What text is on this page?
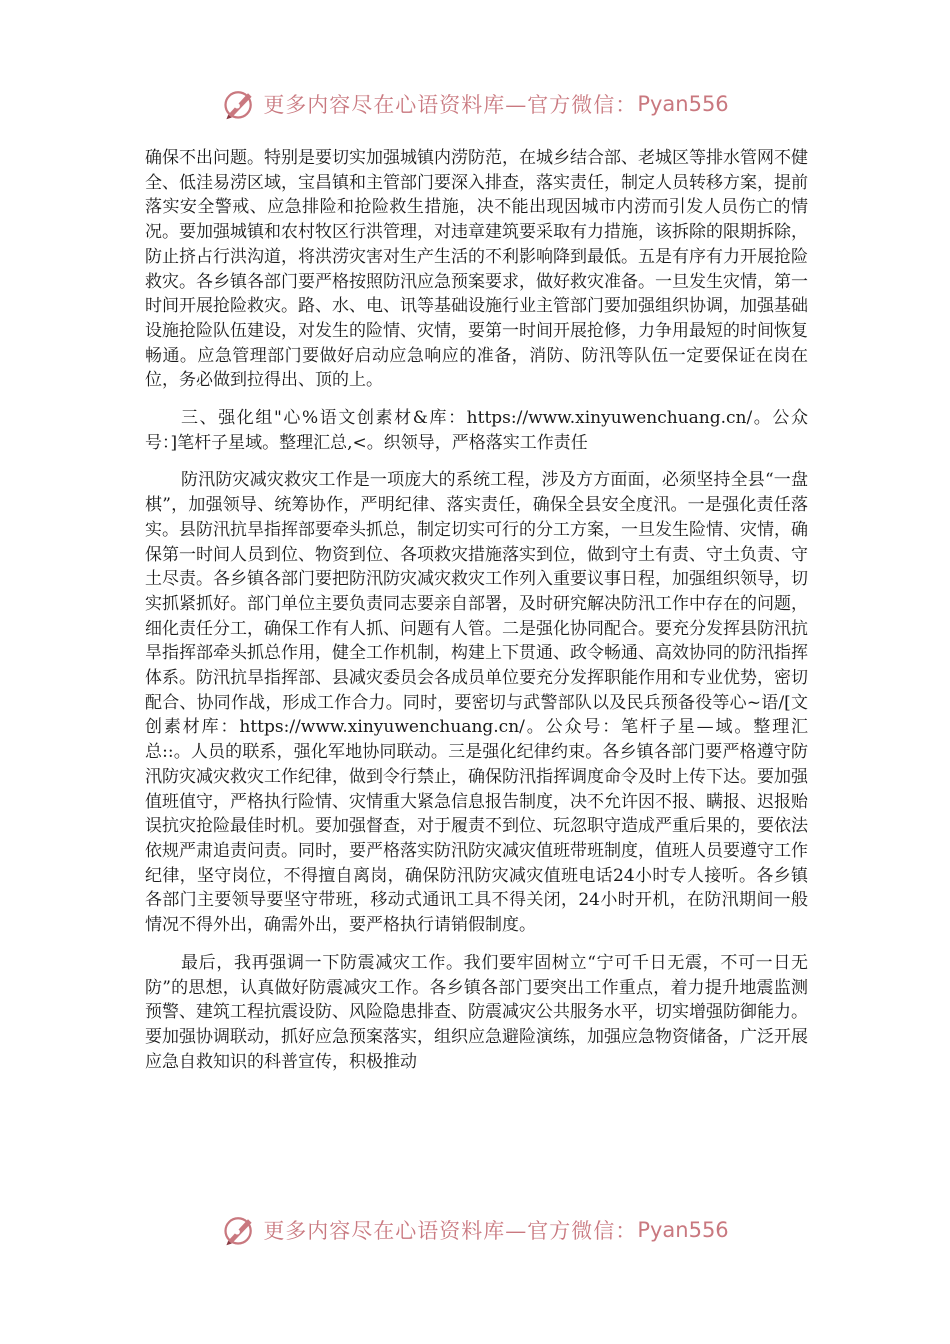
更多内容尽在心语资料库—官方微信： Pyan556

确保不出问题。特别是要切实加强城镇内涝防范，在城乡结合部、老城区等排水管网不健全、低洼易涝区域，宝昌镇和主管部门要深入排查，落实责任，制定人员转移方案，提前落实安全警戒、应急排险和抢险救生措施，决不能出现因城市内涝而引发人员伤亡的情况。要加强城镇和农村牧区行洪管理，对违章建筑要采取有力措施，该拆除的限期拆除，防止挤占行洪沟道，将洪涝灾害对生产生活的不利影响降到最低。五是有序有力开展抢险救灾。各乡镇各部门要严格按照防汛应急预案要求，做好救灾准备。一旦发生灾情，第一时间开展抢险救灾。路、水、电、讯等基础设施行业主管部门要加强组织协调，加强基础设施抢险队伍建设，对发生的险情、灾情，要第一时间开展抢修，力争用最短的时间恢复畅通。应急管理部门要做好启动应急响应的准备，消防、防汛等队伍一定要保证在岗在位，务必做到拉得出、顶的上。

三、强化组"心%语文创素材&库：https://www.xinyuwenchuang.cn/。公众号：]笔杆子星域。整理汇总,<。织领导，严格落实工作责任

防汛防灾减灾救灾工作是一项庞大的系统工程，涉及方方面面，必须坚持全县“一盘棋”，加强领导、统筹协作，严明纪律、落实责任，确保全县安全度汛。一是强化责任落实。县防汛抗旱指挥部要牵头抓总，制定切实可行的分工方案，一旦发生险情、灾情，确保第一时间人员到位、物资到位、各项救灾措施落实到位，做到守土有责、守土负责、守土尽责。各乡镇各部门要把防汛防灾减灾救灾工作列入重要议事日程，加强组织领导，切实抓紧抓好。部门单位主要负责同志要亲自部署，及时研究解决防汛工作中存在的问题，细化责任分工，确保工作有人抓、问题有人管。二是强化协同配合。要充分发挥县防汛抗旱指挥部牵头抓总作用，健全工作机制，构建上下贯通、政令畅通、高效协同的防汛指挥体系。防汛抗旱指挥部、县减灾委员会各成员单位要充分发挥职能作用和专业优势，密切配合、协同作战，形成工作合力。同时，要密切与武警部队以及民兵预备役等心~语/[文创素材库：https://www.xinyuwenchuang.cn/。公众号：笔杆子星—域。整理汇总::。人员的联系，强化军地协同联动。三是强化纪律约束。各乡镇各部门要严格遵守防汛防灾减灾救灾工作纪律，做到令行禁止，确保防汛指挥调度命令及时上传下达。要加强值班值守，严格执行险情、灾情重大紧急信息报告制度，决不允许因不报、瞒报、迟报贻误抗灾抢险最佳时机。要加强督查，对于履责不到位、玩忽职守造成严重后果的，要依法依规严肃追责问责。同时，要严格落实防汛防灾减灾值班带班制度，值班人员要遵守工作纪律，坚守岗位，不得擅自离岗，确保防汛防灾减灾值班电话24小时专人接听。各乡镇各部门主要领导要坚守带班，移动式通讯工具不得关闭，24小时开机，在防汛期间一般情况不得外出，确需外出，要严格执行请销假制度。

最后，我再强调一下防震减灾工作。我们要牢固树立“宁可千日无震，不可一日无防”的思想，认真做好防震减灾工作。各乡镇各部门要突出工作重点，着力提升地震监测预警、建筑工程抗震设防、风险隐患排查、防震减灾公共服务水平，切实增强防御能力。要加强协调联动，抓好应急预案落实，组织应急避险演练，加强应急物资储备，广泛开展应急自救知识的科普宣传，积极推动

更多内容尽在心语资料库—官方微信： Pyan556
